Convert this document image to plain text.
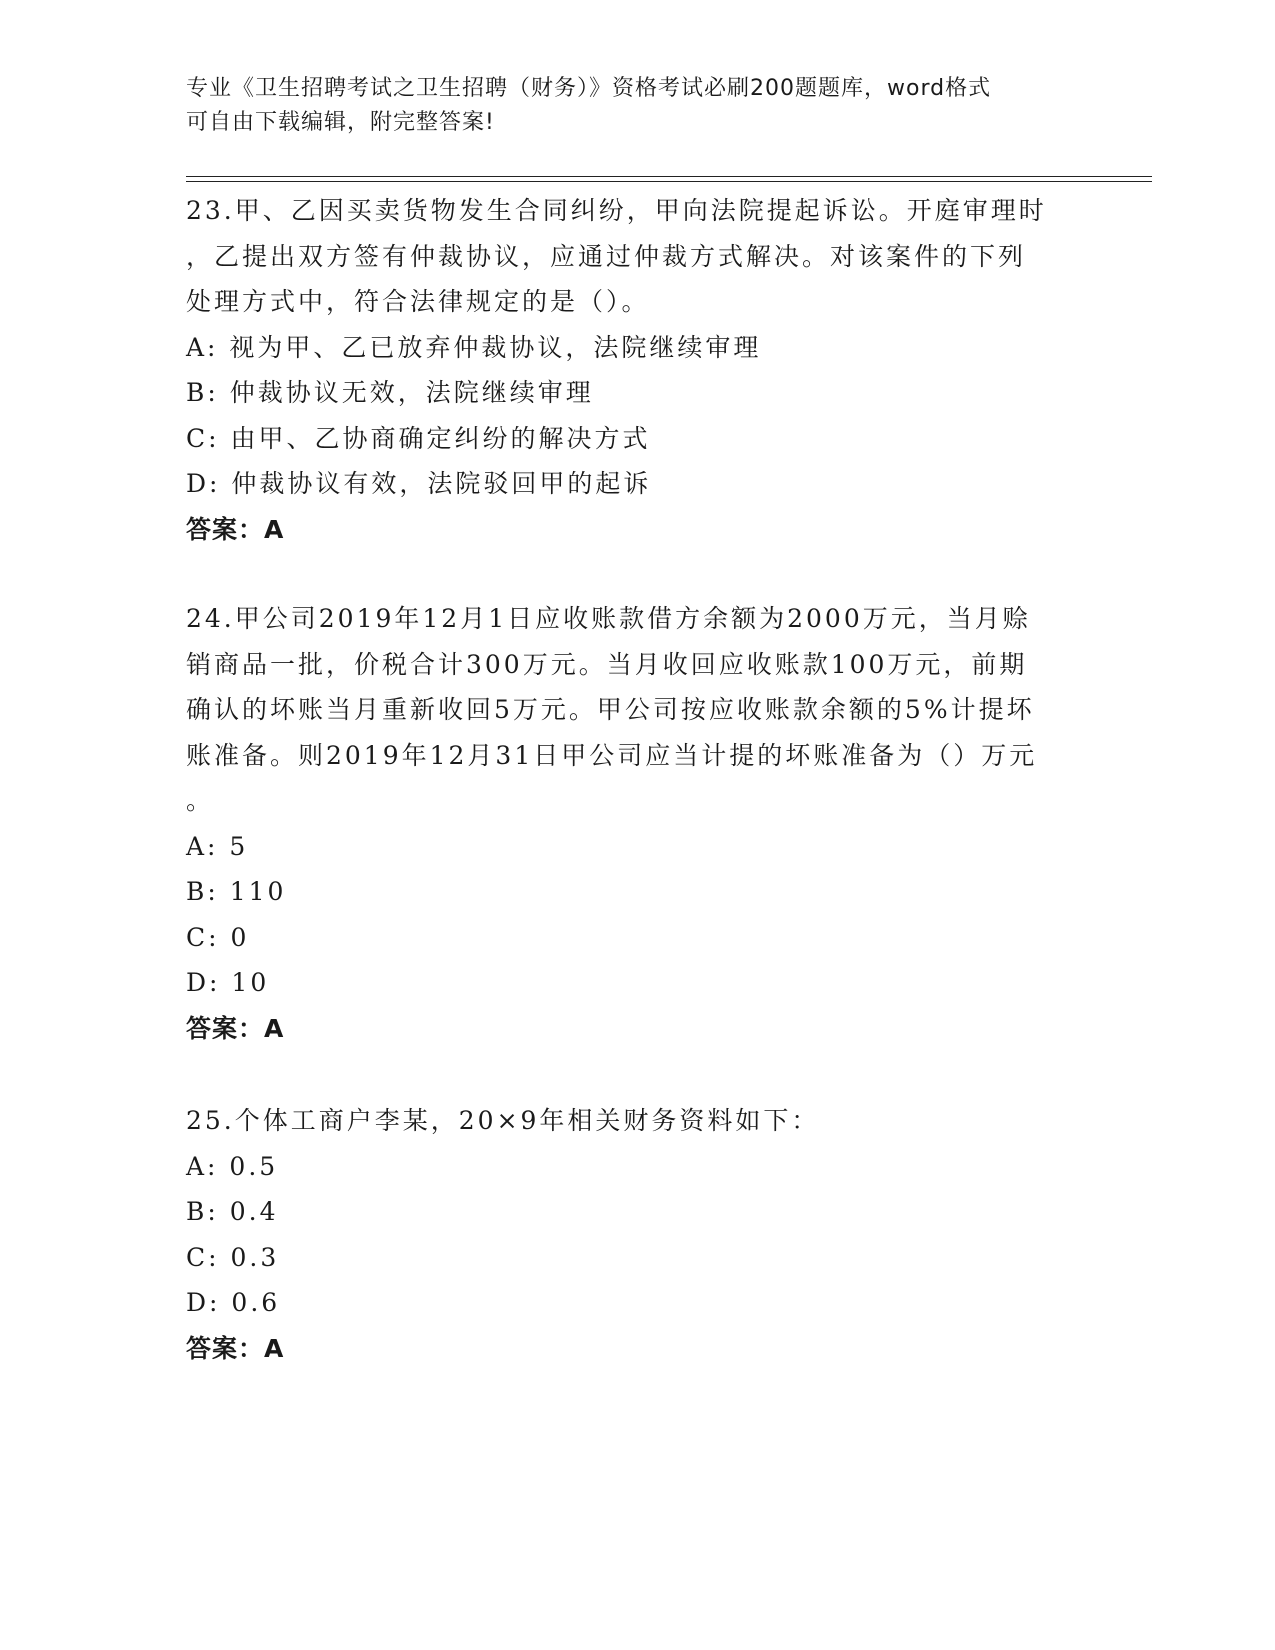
专业《卫生招聘考试之卫生招聘（财务）》资格考试必刷200题题库，word格式
可自由下载编辑，附完整答案!
23.甲、乙因买卖货物发生合同纠纷，甲向法院提起诉讼。开庭审理时
，乙提出双方签有仲裁协议，应通过仲裁方式解决。对该案件的下列
处理方式中，符合法律规定的是（）。
A: 视为甲、乙已放弃仲裁协议，法院继续审理
B: 仲裁协议无效，法院继续审理
C: 由甲、乙协商确定纠纷的解决方式
D: 仲裁协议有效，法院驳回甲的起诉
答案：A
24.甲公司2019年12月1日应收账款借方余额为2000万元，当月赊
销商品一批，价税合计300万元。当月收回应收账款100万元，前期
确认的坏账当月重新收回5万元。甲公司按应收账款余额的5%计提坏
账准备。则2019年12月31日甲公司应当计提的坏账准备为（）万元
。
A: 5
B: 110
C: 0
D: 10
答案：A
25.个体工商户李某，20×9年相关财务资料如下：
A: 0.5
B: 0.4
C: 0.3
D: 0.6
答案：A
